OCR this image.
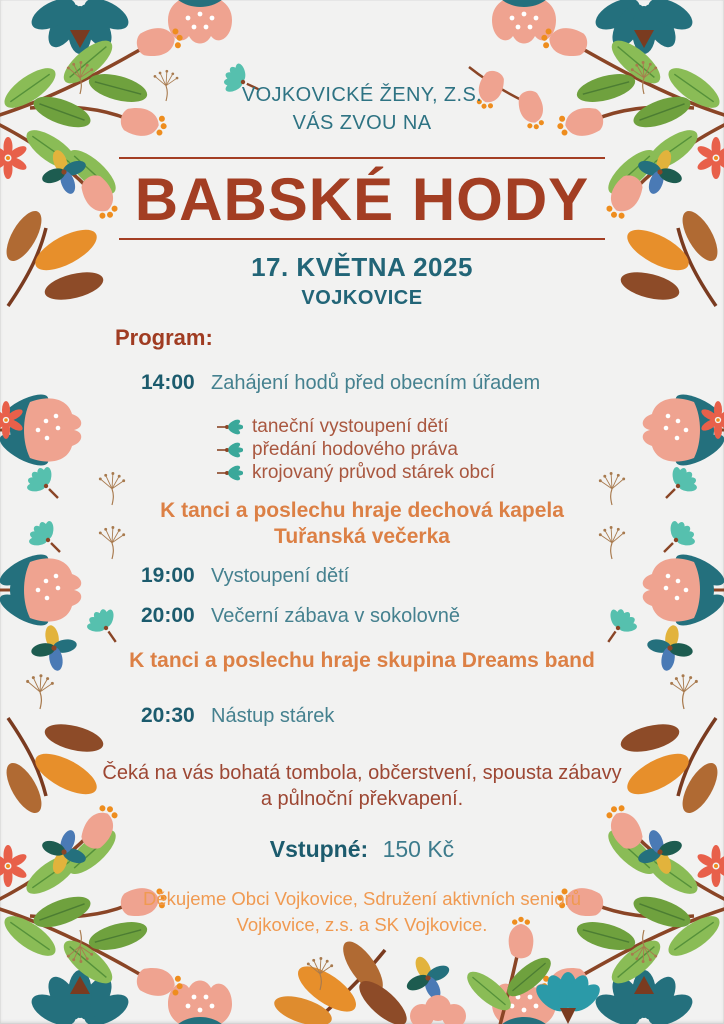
VOJKOVICKÉ ŽENY, Z.S.
VÁS ZVOU NA
BABSKÉ HODY
17. KVĚTNA 2025
VOJKOVICE
Program:
14:00 Zahájení hodů před obecním úřadem
taneční vystoupení dětí
předání hodového práva
krojovaný průvod stárek obcí
K tanci a poslechu hraje dechová kapela
Tuřanská večerka
19:00 Vystoupení dětí
20:00 Večerní zábava v sokolovně
K tanci a poslechu hraje skupina Dreams band
20:30 Nástup stárek
Čeká na vás bohatá tombola, občerstvení, spousta zábavy
a půlnoční překvapení.
Vstupné: 150 Kč
Děkujeme Obci Vojkovice, Sdružení aktivních seniorů
Vojkovice, z.s. a SK Vojkovice.
